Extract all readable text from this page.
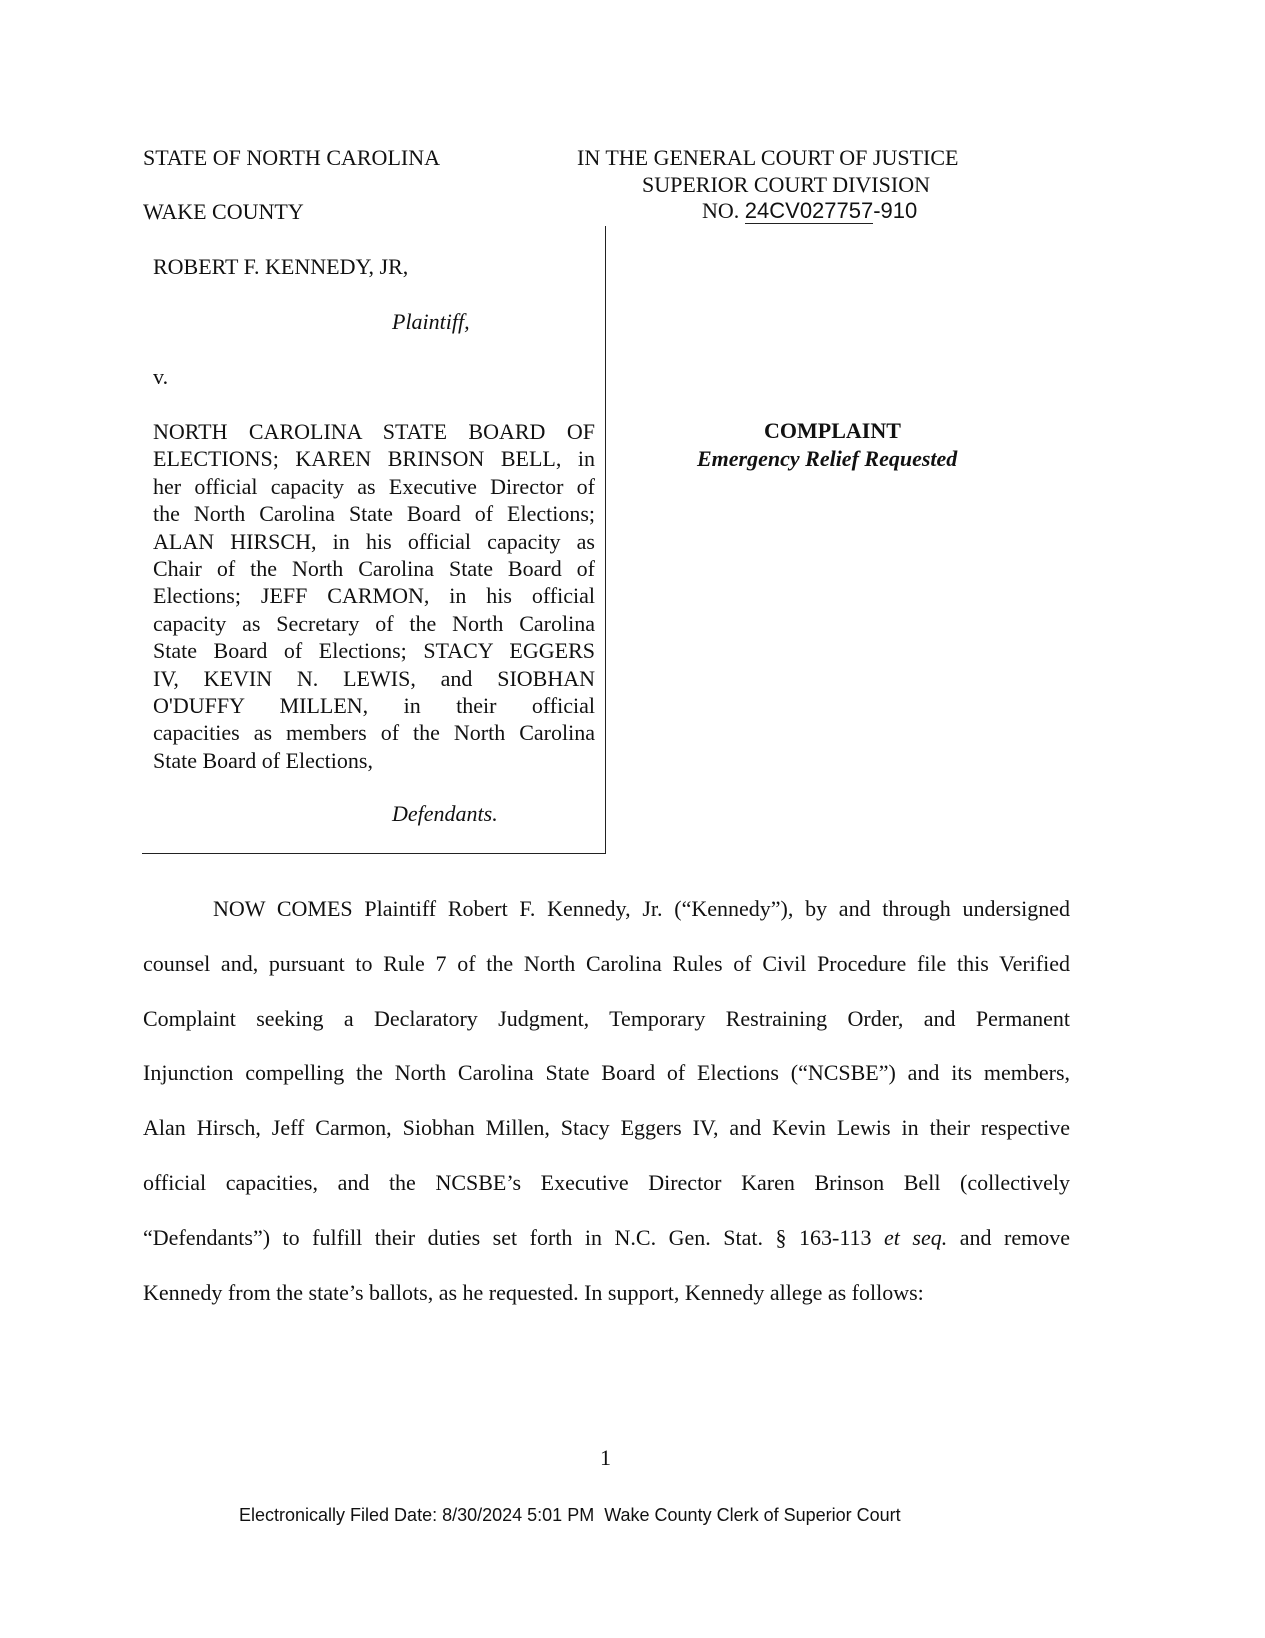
STATE OF NORTH CAROLINA
WAKE COUNTY
IN THE GENERAL COURT OF JUSTICE
SUPERIOR COURT DIVISION
NO. 24CV027757-910
ROBERT F. KENNEDY, JR,
Plaintiff,
v.
NORTH CAROLINA STATE BOARD OF
ELECTIONS; KAREN BRINSON BELL, in
her official capacity as Executive Director of
the North Carolina State Board of Elections;
ALAN HIRSCH, in his official capacity as
Chair of the North Carolina State Board of
Elections; JEFF CARMON, in his official
capacity as Secretary of the North Carolina
State Board of Elections; STACY EGGERS
IV, KEVIN N. LEWIS, and SIOBHAN
O'DUFFY MILLEN, in their official
capacities as members of the North Carolina
State Board of Elections,
Defendants.
COMPLAINT
Emergency Relief Requested
NOW COMES Plaintiff Robert F. Kennedy, Jr. (“Kennedy”), by and through undersigned
counsel and, pursuant to Rule 7 of the North Carolina Rules of Civil Procedure file this Verified
Complaint seeking a Declaratory Judgment, Temporary Restraining Order, and Permanent
Injunction compelling the North Carolina State Board of Elections (“NCSBE”) and its members,
Alan Hirsch, Jeff Carmon, Siobhan Millen, Stacy Eggers IV, and Kevin Lewis in their respective
official capacities, and the NCSBE’s Executive Director Karen Brinson Bell (collectively
“Defendants”) to fulfill their duties set forth in N.C. Gen. Stat. § 163-113 et seq. and remove
Kennedy from the state’s ballots, as he requested. In support, Kennedy allege as follows:
1
Electronically Filed Date: 8/30/2024 5:01 PM  Wake County Clerk of Superior Court
